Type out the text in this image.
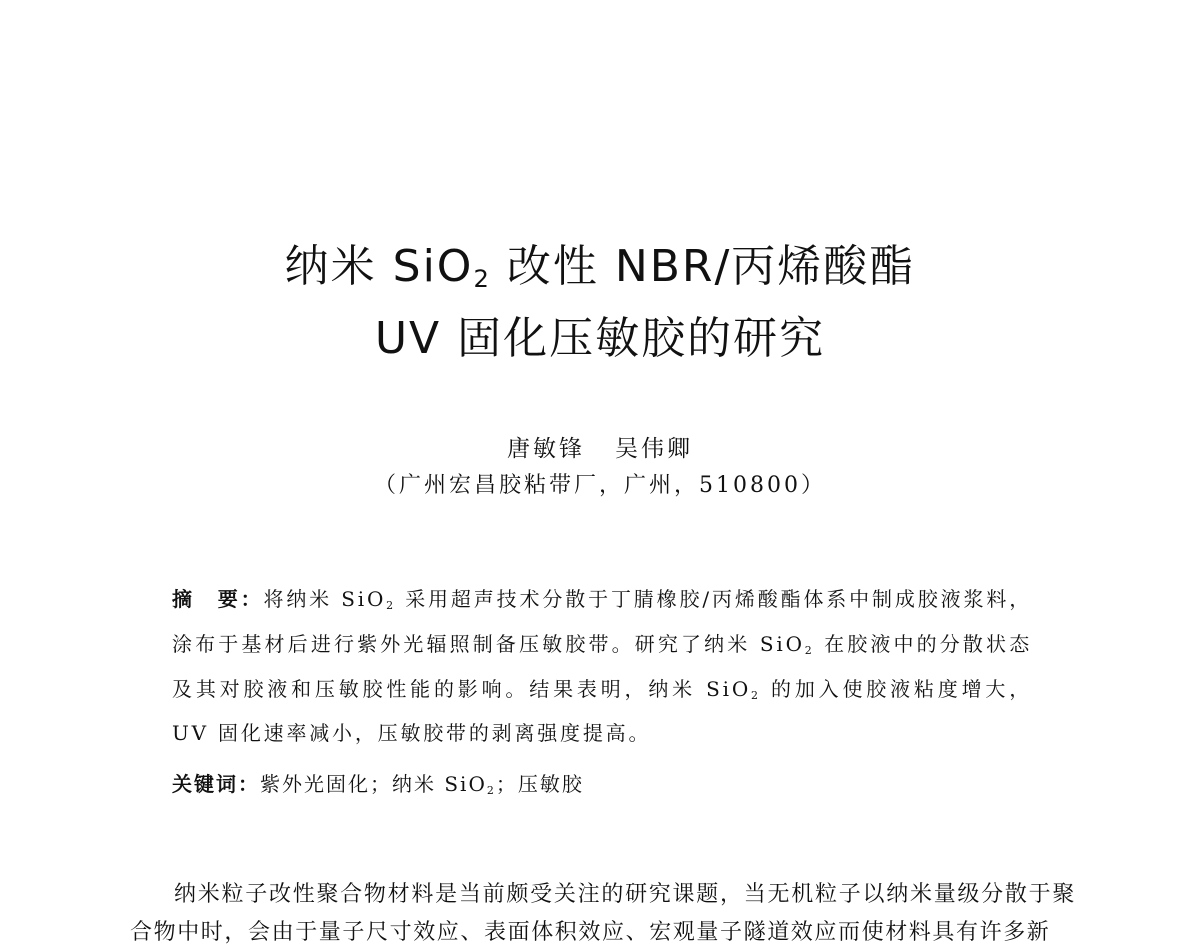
纳米 SiO$_2$ 改性 NBR/丙烯酸酯
UV 固化压敏胶的研究
唐敏锋 吴伟卿
（广州宏昌胶粘带厂，广州，510800）
摘　要：将纳米 SiO$_2$ 采用超声技术分散于丁腈橡胶/丙烯酸酯体系中制成胶液浆料，涂布于基材后进行紫外光辐照制备压敏胶带。研究了纳米 SiO$_2$ 在胶液中的分散状态及其对胶液和压敏胶性能的影响。结果表明，纳米 SiO$_2$ 的加入使胶液粘度增大，UV 固化速率减小，压敏胶带的剥离强度提高。
关键词：紫外光固化；纳米 SiO$_2$；压敏胶

纳米粒子改性聚合物材料是当前颇受关注的研究课题，当无机粒子以纳米量级分散于聚合物中时，会由于量子尺寸效应、表面体积效应、宏观量子隧道效应而使材料具有许多新
